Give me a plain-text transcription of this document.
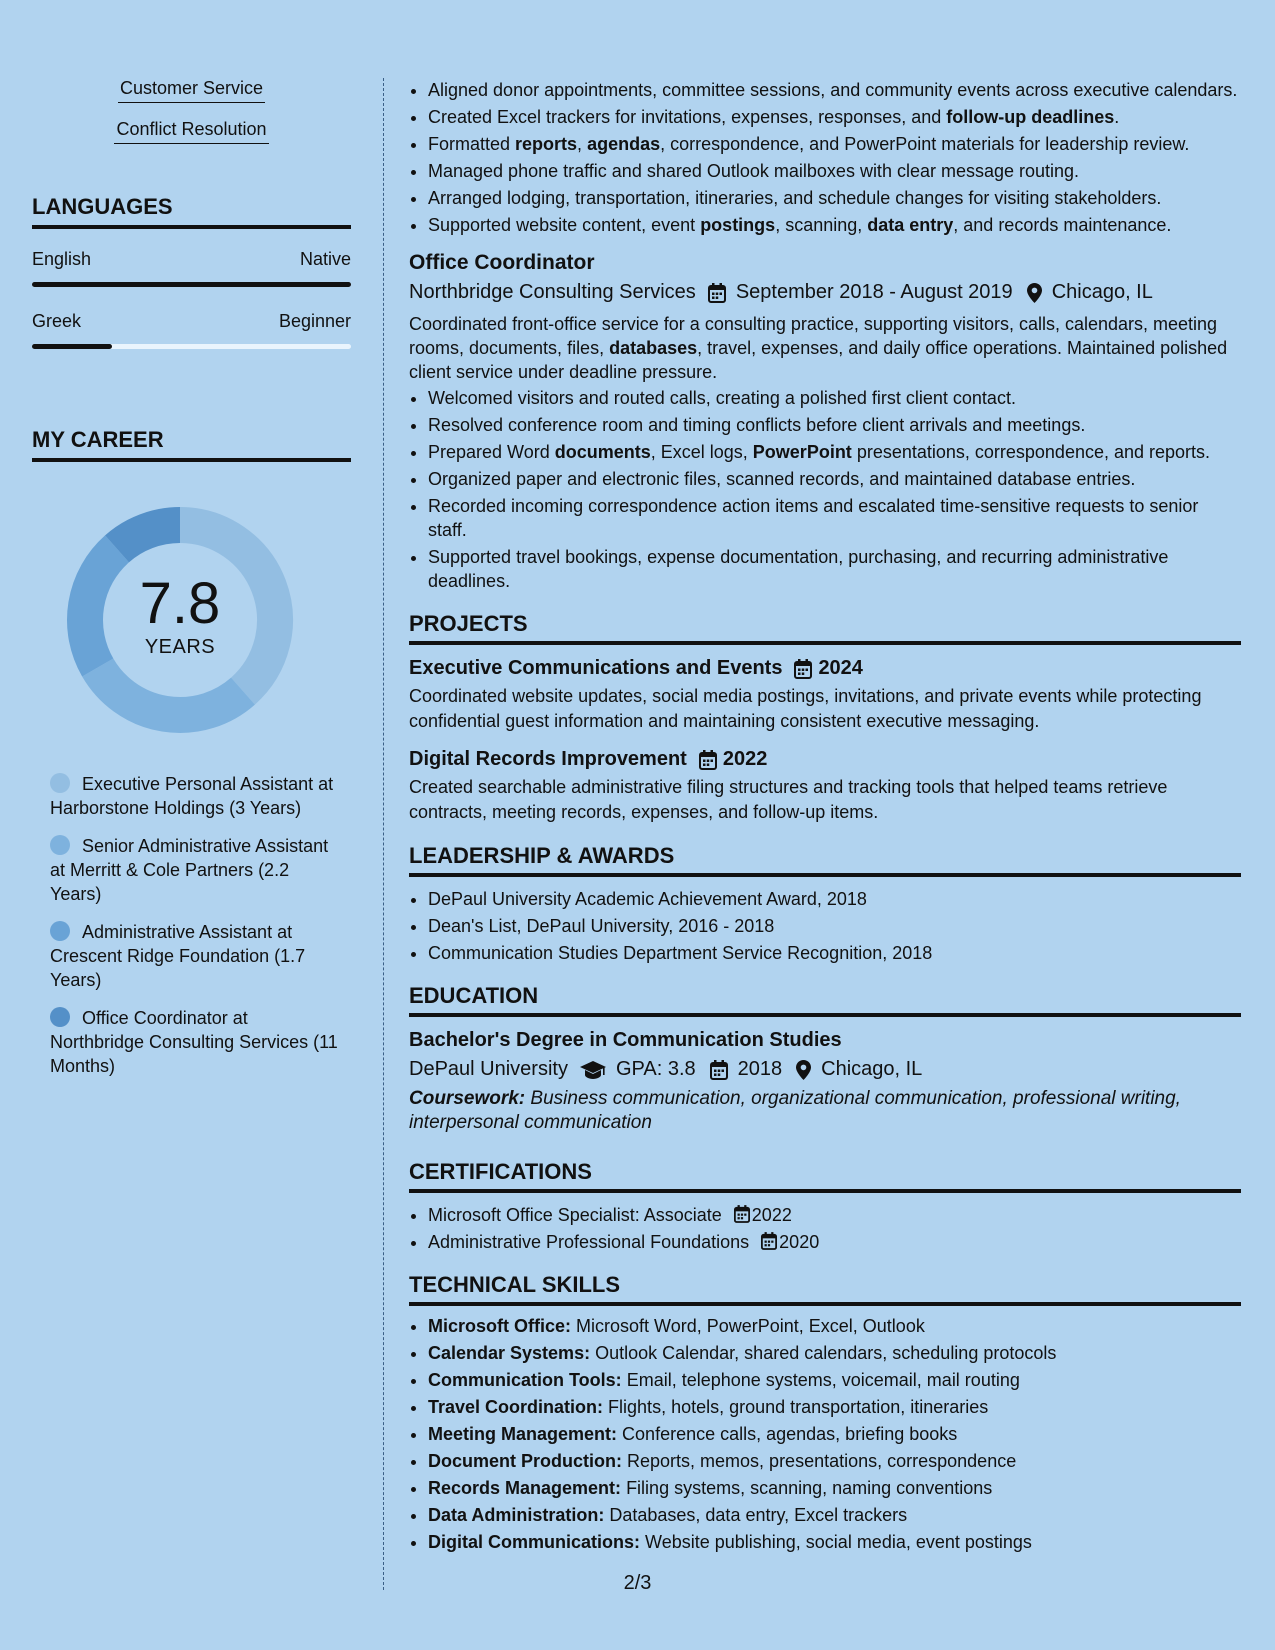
Customer Service
Conflict Resolution
LANGUAGES
English	Native
Greek	Beginner
MY CAREER
7.8
YEARS
Executive Personal Assistant at Harborstone Holdings (3 Years)
Senior Administrative Assistant at Merritt & Cole Partners (2.2 Years)
Administrative Assistant at Crescent Ridge Foundation (1.7 Years)
Office Coordinator at Northbridge Consulting Services (11 Months)
• Aligned donor appointments, committee sessions, and community events across executive calendars.
• Created Excel trackers for invitations, expenses, responses, and follow-up deadlines.
• Formatted reports, agendas, correspondence, and PowerPoint materials for leadership review.
• Managed phone traffic and shared Outlook mailboxes with clear message routing.
• Arranged lodging, transportation, itineraries, and schedule changes for visiting stakeholders.
• Supported website content, event postings, scanning, data entry, and records maintenance.
Office Coordinator
Northbridge Consulting Services September 2018 - August 2019 Chicago, IL
Coordinated front-office service for a consulting practice, supporting visitors, calls, calendars, meeting rooms, documents, files, databases, travel, expenses, and daily office operations. Maintained polished client service under deadline pressure.
• Welcomed visitors and routed calls, creating a polished first client contact.
• Resolved conference room and timing conflicts before client arrivals and meetings.
• Prepared Word documents, Excel logs, PowerPoint presentations, correspondence, and reports.
• Organized paper and electronic files, scanned records, and maintained database entries.
• Recorded incoming correspondence action items and escalated time-sensitive requests to senior staff.
• Supported travel bookings, expense documentation, purchasing, and recurring administrative deadlines.
PROJECTS
Executive Communications and Events 2024
Coordinated website updates, social media postings, invitations, and private events while protecting confidential guest information and maintaining consistent executive messaging.
Digital Records Improvement 2022
Created searchable administrative filing structures and tracking tools that helped teams retrieve contracts, meeting records, expenses, and follow-up items.
LEADERSHIP & AWARDS
• DePaul University Academic Achievement Award, 2018
• Dean's List, DePaul University, 2016 - 2018
• Communication Studies Department Service Recognition, 2018
EDUCATION
Bachelor's Degree in Communication Studies
DePaul University GPA: 3.8 2018 Chicago, IL
Coursework: Business communication, organizational communication, professional writing, interpersonal communication
CERTIFICATIONS
• Microsoft Office Specialist: Associate 2022
• Administrative Professional Foundations 2020
TECHNICAL SKILLS
• Microsoft Office: Microsoft Word, PowerPoint, Excel, Outlook
• Calendar Systems: Outlook Calendar, shared calendars, scheduling protocols
• Communication Tools: Email, telephone systems, voicemail, mail routing
• Travel Coordination: Flights, hotels, ground transportation, itineraries
• Meeting Management: Conference calls, agendas, briefing books
• Document Production: Reports, memos, presentations, correspondence
• Records Management: Filing systems, scanning, naming conventions
• Data Administration: Databases, data entry, Excel trackers
• Digital Communications: Website publishing, social media, event postings
2/3
